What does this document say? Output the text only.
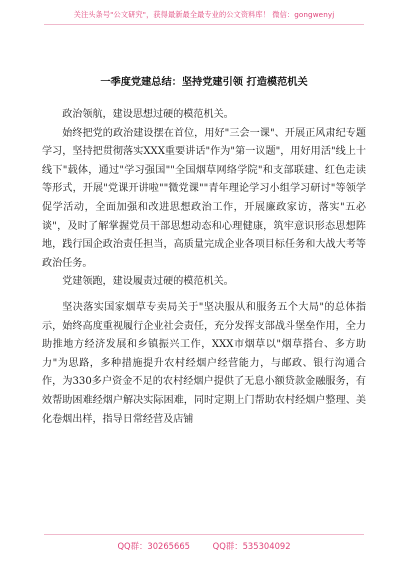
关注头条号"公文研究"，获得最新最全最专业的公文资料库！ 微信：gongwenyj
一季度党建总结：坚持党建引领 打造模范机关

政治领航，建设思想过硬的模范机关。

始终把党的政治建设摆在首位，用好"三会一课"、开展正风肃纪专题学习，坚持把贯彻落实XXX重要讲话"作为"第一议题"，用好用活"线上十线下"载体，通过"学习强国""全国烟草网络学院"和支部联建、红色走读等形式，开展"党课开讲啦""微党课""青年理论学习小组学习研讨"等领学促学活动，全面加强和改进思想政治工作，开展廉政家访，落实"五必谈"，及时了解掌握党员干部思想动态和心理健康，筑牢意识形态思想阵地，践行国企政治责任担当，高质量完成企业各项目标任务和大战大考等政治任务。

党建领跑，建设履责过硬的模范机关。

坚决落实国家烟草专卖局关于"坚决服从和服务五个大局"的总体指示，始终高度重视履行企业社会责任，充分发挥支部战斗堡垒作用，全力助推地方经济发展和乡镇振兴工作，XXX市烟草以"烟草搭台、多方助力"为思路，多种措施提升农村经烟户经营能力，与邮政、银行沟通合作，为330多户资金不足的农村经烟户提供了无息小额贷款金融服务，有效帮助困难经烟户解决实际困难，同时定期上门帮助农村经烟户整理、美化卷烟出样，指导日常经营及店铺

QQ群：30265665	QQ群：535304092
